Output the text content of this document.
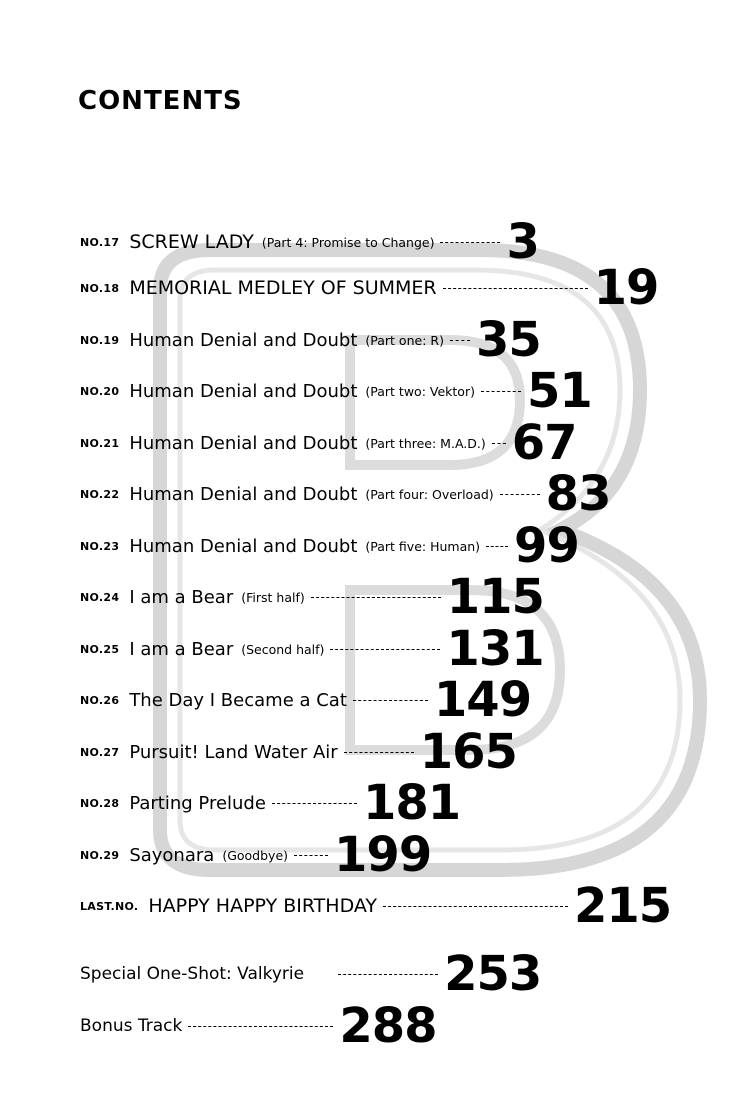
CONTENTS
NO.17 SCREW LADY (Part 4: Promise to Change) 3
NO.18 MEMORIAL MEDLEY OF SUMMER	19
NO.19 Human Denial and Doubt (Part one: R) 35
NO.20 Human Denial and Doubt (Part two: Vektor) 51
NO.21 Human Denial and Doubt (Part three: M.A.D.) 67
NO.22 Human Denial and Doubt (Part four: Overload) 83
NO.23 Human Denial and Doubt (Part five: Human) 99
NO.24 I am a Bear (First half)	115
NO.25 I am a Bear (Second half)	131
NO.26 The Day I Became a Cat 149
NO.27 Pursuit! Land Water Air 165
NO.28 Parting Prelude 181
NO.29 Sayonara (Goodbye) 199
LAST.NO. HAPPY HAPPY BIRTHDAY	215
Special One-Shot: Valkyrie	253
Bonus Track	288
